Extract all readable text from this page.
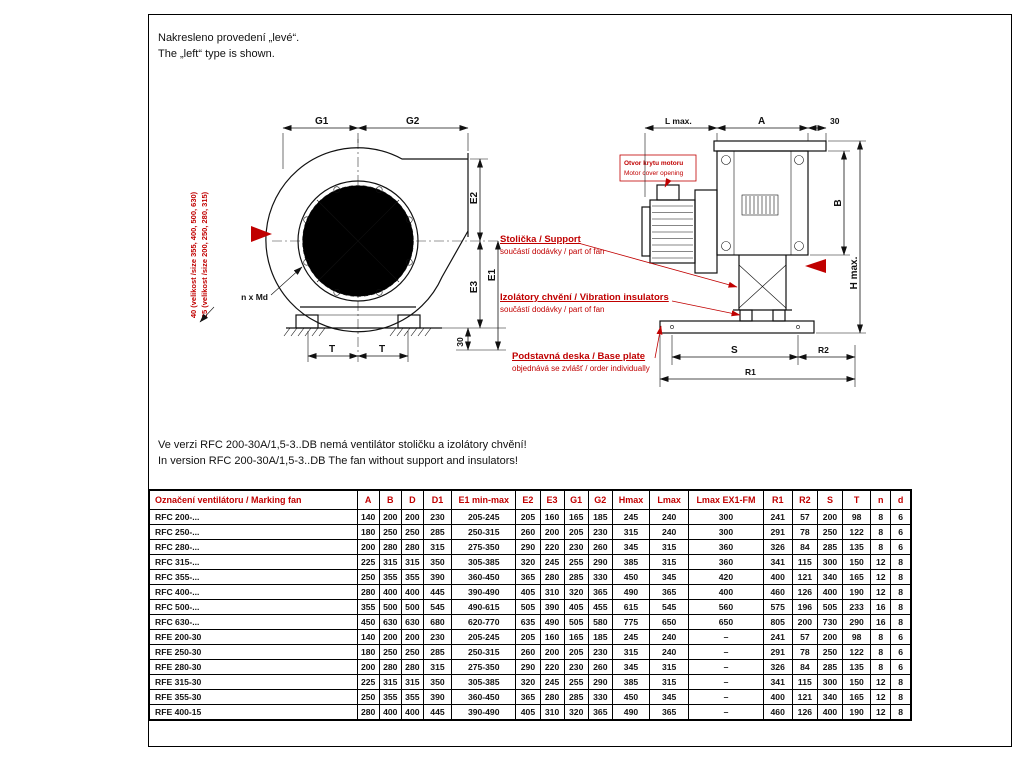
Nakresleno provedení „levé“.
The „left“ type is shown.
G1	G2
E2
E3
E1
30
T	T
n x Md
40 (velikost /size 355, 400, 500, 630) 25 (velikost /size 200, 250, 280, 315)
Otvor krytu motoru
Motor cover opening
L max.	A	30
B
H max.
S	R2
R1
Stolička / Support
součástí dodávky / part of fan
Izolátory chvění / Vibration insulators
součástí dodávky / part of fan
Podstavná deska / Base plate
objednává se zvlášť / order individually
Ve verzi RFC 200-30A/1,5-3..DB nemá ventilátor stoličku a izolátory chvění!
In version RFC 200-30A/1,5-3..DB The fan without support and insulators!
Označení ventilátoru / Marking fan	A	B	D	D1	E1 min-max	E2	E3	G1	G2	Hmax	Lmax	Lmax EX1-FM	R1	R2	S	T	n	d
RFC 200-...	140	200	200	230	205-245	205	160	165	185	245	240	300	241	57	200	98	8	6
RFC 250-...	180	250	250	285	250-315	260	200	205	230	315	240	300	291	78	250	122	8	6
RFC 280-...	200	280	280	315	275-350	290	220	230	260	345	315	360	326	84	285	135	8	6
RFC 315-...	225	315	315	350	305-385	320	245	255	290	385	315	360	341	115	300	150	12	8
RFC 355-...	250	355	355	390	360-450	365	280	285	330	450	345	420	400	121	340	165	12	8
RFC 400-...	280	400	400	445	390-490	405	310	320	365	490	365	400	460	126	400	190	12	8
RFC 500-...	355	500	500	545	490-615	505	390	405	455	615	545	560	575	196	505	233	16	8
RFC 630-...	450	630	630	680	620-770	635	490	505	580	775	650	650	805	200	730	290	16	8
RFE 200-30	140	200	200	230	205-245	205	160	165	185	245	240	–	241	57	200	98	8	6
RFE 250-30	180	250	250	285	250-315	260	200	205	230	315	240	–	291	78	250	122	8	6
RFE 280-30	200	280	280	315	275-350	290	220	230	260	345	315	–	326	84	285	135	8	6
RFE 315-30	225	315	315	350	305-385	320	245	255	290	385	315	–	341	115	300	150	12	8
RFE 355-30	250	355	355	390	360-450	365	280	285	330	450	345	–	400	121	340	165	12	8
RFE 400-15	280	400	400	445	390-490	405	310	320	365	490	365	–	460	126	400	190	12	8
